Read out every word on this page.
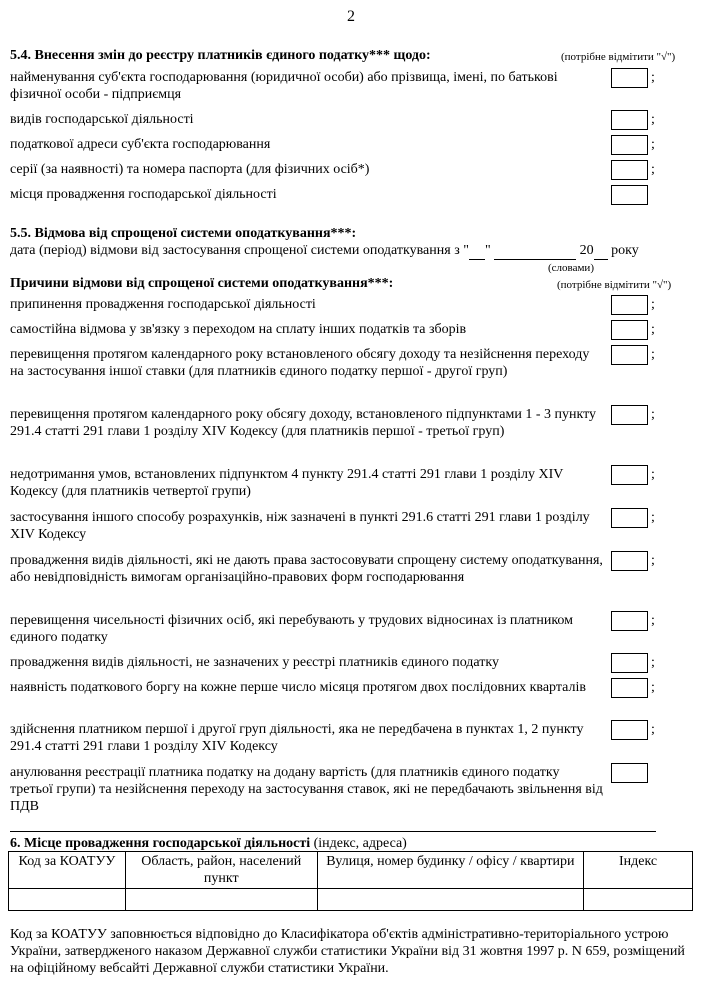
2
5.4. Внесення змін до реєстру платників єдиного податку*** щодо:	(потрібне відмітити "√")
найменування суб'єкта господарювання (юридичної особи) або прізвища, імені, по батькові фізичної особи - підприємця
;
видів господарської діяльності	;
податкової адреси суб'єкта господарювання	;
серії (за наявності) та номера паспорта (для фізичних осіб*)	;
місця провадження господарської діяльності
5.5. Відмова від спрощеної системи оподаткування***:
дата (період) відмови від застосування спрощеної системи оподаткування з " "	20  року
(словами)
Причини відмови від спрощеної системи оподаткування***:	(потрібне відмітити "√")
припинення провадження господарської діяльності	;
самостійна відмова у зв'язку з переходом на сплату інших податків та зборів	;
перевищення протягом календарного року встановленого обсягу доходу та незійснення переходу на застосування іншої ставки (для платників єдиного податку першої - другої груп)
;
перевищення протягом календарного року обсягу доходу, встановленого підпунктами 1 - 3 пункту 291.4 статті 291 глави 1 розділу XIV Кодексу (для платників першої - третьої груп)
;
недотримання умов, встановлених підпунктом 4 пункту 291.4 статті 291 глави 1 розділу XIV Кодексу (для платників четвертої групи)
;
застосування іншого способу розрахунків, ніж зазначені в пункті 291.6 статті 291 глави 1 розділу XIV Кодексу
;
провадження видів діяльності, які не дають права застосовувати спрощену систему оподаткування, або невідповідність вимогам організаційно-правових форм господарювання
;
перевищення чисельності фізичних осіб, які перебувають у трудових відносинах із платником єдиного податку
;
провадження видів діяльності, не зазначених у реєстрі платників єдиного податку	;
наявність податкового боргу на кожне перше число місяця протягом двох послідовних кварталів	;
здійснення платником першої і другої груп діяльності, яка не передбачена в пунктах 1, 2 пункту 291.4 статті 291 глави 1 розділу XIV Кодексу
;
анулювання реєстрації платника податку на додану вартість (для платників єдиного податку третьої групи) та незійснення переходу на застосування ставок, які не передбачають звільнення від ПДВ
6. Місце провадження господарської діяльності (індекс, адреса)
Код за КОАТУУ	Область, район, населений пункт	Вулиця, номер будинку / офісу / квартири	Індекс

Код за КОАТУУ заповнюється відповідно до Класифікатора об'єктів адміністративно-територіального устрою України, затвердженого наказом Державної служби статистики України від 31 жовтня 1997 р. N 659, розміщений на офіційному вебсайті Державної служби статистики України.
